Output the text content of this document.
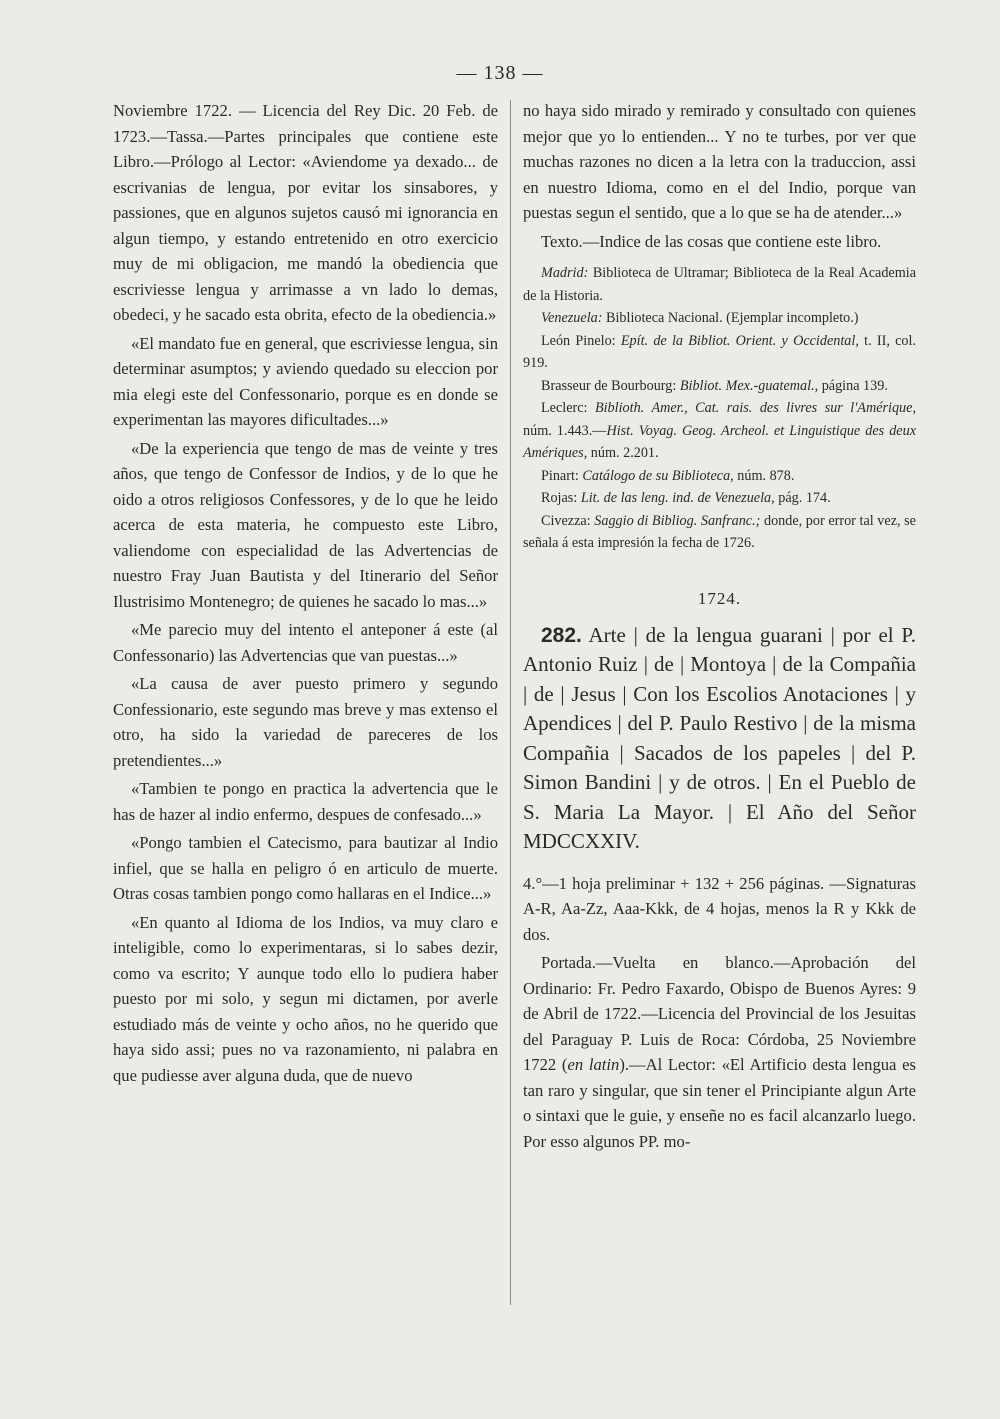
— 138 —

Noviembre 1722. — Licencia del Rey Dic. 20 Feb. de 1723.—Tassa.—Partes principales que contiene este Libro.—Prólogo al Lector: «Aviendome ya dexado... de escrivanias de lengua, por evitar los sinsabores, y passiones, que en algunos sujetos causó mi ignorancia en algun tiempo, y estando entretenido en otro exercicio muy de mi obligacion, me mandó la obediencia que escriviesse lengua y arrimasse a vn lado lo demas, obedeci, y he sacado esta obrita, efecto de la obediencia.»

«El mandato fue en general, que escriviesse lengua, sin determinar asumptos; y aviendo quedado su eleccion por mia elegi este del Confessonario, porque es en donde se experimentan las mayores dificultades...»

«De la experiencia que tengo de mas de veinte y tres años, que tengo de Confessor de Indios, y de lo que he oido a otros religiosos Confessores, y de lo que he leido acerca de esta materia, he compuesto este Libro, valiendome con especialidad de las Advertencias de nuestro Fray Juan Bautista y del Itinerario del Señor Ilustrisimo Montenegro; de quienes he sacado lo mas...»

«Me parecio muy del intento el anteponer á este (al Confessonario) las Advertencias que van puestas...»

«La causa de aver puesto primero y segundo Confessionario, este segundo mas breve y mas extenso el otro, ha sido la variedad de pareceres de los pretendientes...»

«Tambien te pongo en practica la advertencia que le has de hazer al indio enfermo, despues de confesado...»

«Pongo tambien el Catecismo, para bautizar al Indio infiel, que se halla en peligro ó en articulo de muerte. Otras cosas tambien pongo como hallaras en el Indice...»

«En quanto al Idioma de los Indios, va muy claro e inteligible, como lo experimentaras, si lo sabes dezir, como va escrito; Y aunque todo ello lo pudiera haber puesto por mi solo, y segun mi dictamen, por averle estudiado más de veinte y ocho años, no he querido que haya sido assi; pues no va razonamiento, ni palabra en que pudiesse aver alguna duda, que de nuevo

no haya sido mirado y remirado y consultado con quienes mejor que yo lo entienden... Y no te turbes, por ver que muchas razones no dicen a la letra con la traduccion, assi en nuestro Idioma, como en el del Indio, porque van puestas segun el sentido, que a lo que se ha de atender...»

Texto.—Indice de las cosas que contiene este libro.

Madrid: Biblioteca de Ultramar; Biblioteca de la Real Academia de la Historia.

Venezuela: Biblioteca Nacional. (Ejemplar incompleto.)

León Pinelo: Epít. de la Bibliot. Orient. y Occidental, t. II, col. 919.

Brasseur de Bourbourg: Bibliot. Mex.-guatemal., página 139.

Leclerc: Biblioth. Amer., Cat. rais. des livres sur l'Amérique, núm. 1.443.—Hist. Voyag. Geog. Archeol. et Linguistique des deux Amériques, núm. 2.201.

Pinart: Catálogo de su Biblioteca, núm. 878.

Rojas: Lit. de las leng. ind. de Venezuela, pág. 174.

Civezza: Saggio di Bibliog. Sanfranc.; donde, por error tal vez, se señala á esta impresión la fecha de 1726.

1724.

282. Arte | de la lengua guarani | por el P. Antonio Ruiz | de | Montoya | de la Compañia | de | Jesus | Con los Escolios Anotaciones | y Apendices | del P. Paulo Restivo | de la misma Compañia | Sacados de los papeles | del P. Simon Bandini | y de otros. | En el Pueblo de S. Maria La Mayor. | El Año del Señor MDCCXXIV.

4.°—1 hoja preliminar + 132 + 256 páginas. —Signaturas A-R, Aa-Zz, Aaa-Kkk, de 4 hojas, menos la R y Kkk de dos.

Portada.—Vuelta en blanco.—Aprobación del Ordinario: Fr. Pedro Faxardo, Obispo de Buenos Ayres: 9 de Abril de 1722.—Licencia del Provincial de los Jesuitas del Paraguay P. Luis de Roca: Córdoba, 25 Noviembre 1722 (en latin).—Al Lector: «El Artificio desta lengua es tan raro y singular, que sin tener el Principiante algun Arte o sintaxi que le guie, y enseñe no es facil alcanzarlo luego. Por esso algunos PP. mo-
